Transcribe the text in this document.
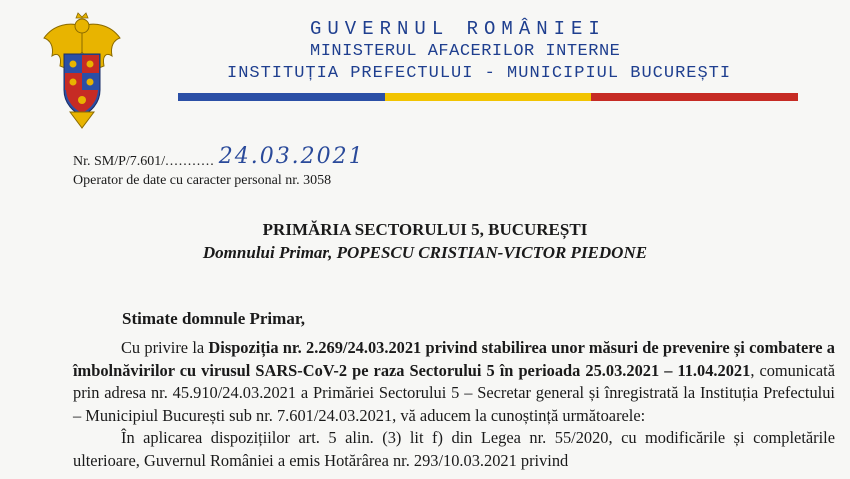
GUVERNUL ROMÂNIEI
MINISTERUL AFACERILOR INTERNE
INSTITUȚIA PREFECTULUI - MUNICIPIUL BUCUREȘTI
Nr. SM/P/7.601/........... 24.03.2021
Operator de date cu caracter personal nr. 3058
PRIMĂRIA SECTORULUI 5, BUCUREȘTI
Domnului Primar, POPESCU CRISTIAN-VICTOR PIEDONE
Stimate domnule Primar,

Cu privire la Dispoziția nr. 2.269/24.03.2021 privind stabilirea unor măsuri de prevenire și combatere a îmbolnăvirilor cu virusul SARS-CoV-2 pe raza Sectorului 5 în perioada 25.03.2021 – 11.04.2021, comunicată prin adresa nr. 45.910/24.03.2021 a Primăriei Sectorului 5 – Secretar general și înregistrată la Instituția Prefectului – Municipiul București sub nr. 7.601/24.03.2021, vă aducem la cunoștință următoarele:

În aplicarea dispozițiilor art. 5 alin. (3) lit f) din Legea nr. 55/2020, cu modificările și completările ulterioare, Guvernul României a emis Hotărârea nr. 293/10.03.2021 privind
